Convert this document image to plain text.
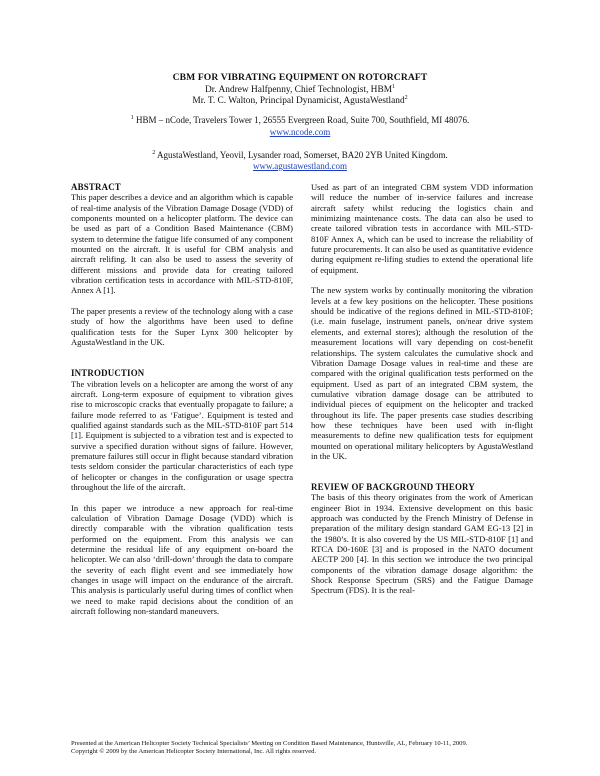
CBM FOR VIBRATING EQUIPMENT ON ROTORCRAFT
Dr. Andrew Halfpenny, Chief Technologist, HBM$^1$
Mr. T. C. Walton, Principal Dynamicist, AgustaWestland$^2$
$^1$ HBM – nCode, Travelers Tower 1, 26555 Evergreen Road, Suite 700, Southfield, MI 48076.
www.ncode.com
$^2$ AgustaWestland, Yeovil, Lysander road, Somerset, BA20 2YB United Kingdom.
www.agustawestland.com

ABSTRACT

This paper describes a device and an algorithm which is capable of real-time analysis of the Vibration Damage Dosage (VDD) of components mounted on a helicopter platform. The device can be used as part of a Condition Based Maintenance (CBM) system to determine the fatigue life consumed of any component mounted on the aircraft. It is useful for CBM analysis and aircraft relifing. It can also be used to assess the severity of different missions and provide data for creating tailored vibration certification tests in accordance with MIL-STD-810F, Annex A [1].

The paper presents a review of the technology along with a case study of how the algorithms have been used to define qualification tests for the Super Lynx 300 helicopter by AgustaWestland in the UK.

INTRODUCTION

The vibration levels on a helicopter are among the worst of any aircraft. Long-term exposure of equipment to vibration gives rise to microscopic cracks that eventually propagate to failure; a failure mode referred to as ‘Fatigue’. Equipment is tested and qualified against standards such as the MIL-STD-810F part 514 [1]. Equipment is subjected to a vibration test and is expected to survive a specified duration without signs of failure. However, premature failures still occur in flight because standard vibration tests seldom consider the particular characteristics of each type of helicopter or changes in the configuration or usage spectra throughout the life of the aircraft.

In this paper we introduce a new approach for real-time calculation of Vibration Damage Dosage (VDD) which is directly comparable with the vibration qualification tests performed on the equipment. From this analysis we can determine the residual life of any equipment on-board the helicopter. We can also ‘drill-down’ through the data to compare the severity of each flight event and see immediately how changes in usage will impact on the endurance of the aircraft. This analysis is particularly useful during times of conflict when we need to make rapid decisions about the condition of an aircraft following non-standard maneuvers.

Used as part of an integrated CBM system VDD information will reduce the number of in-service failures and increase aircraft safety whilst reducing the logistics chain and minimizing maintenance costs. The data can also be used to create tailored vibration tests in accordance with MIL-STD-810F Annex A, which can be used to increase the reliability of future procurements. It can also be used as quantitative evidence during equipment re-lifing studies to extend the operational life of equipment.

The new system works by continually monitoring the vibration levels at a few key positions on the helicopter. These positions should be indicative of the regions defined in MIL-STD-810F; (i.e. main fuselage, instrument panels, on/near drive system elements, and external stores); although the resolution of the measurement locations will vary depending on cost-benefit relationships. The system calculates the cumulative shock and Vibration Damage Dosage values in real-time and these are compared with the original qualification tests performed on the equipment. Used as part of an integrated CBM system, the cumulative vibration damage dosage can be attributed to individual pieces of equipment on the helicopter and tracked throughout its life. The paper presents case studies describing how these techniques have been used with in-flight measurements to define new qualification tests for equipment mounted on operational military helicopters by AgustaWestland in the UK.

REVIEW OF BACKGROUND THEORY

The basis of this theory originates from the work of American engineer Biot in 1934. Extensive development on this basic approach was conducted by the French Ministry of Defense in preparation of the military design standard GAM EG-13 [2] in the 1980’s. It is also covered by the US MIL-STD-810F [1] and RTCA D0-160E [3] and is proposed in the NATO document AECTP 200 [4]. In this section we introduce the two principal components of the vibration damage dosage algorithm: the Shock Response Spectrum (SRS) and the Fatigue Damage Spectrum (FDS). It is the real-

Presented at the American Helicopter Society Technical Specialists’ Meeting on Condition Based Maintenance, Huntsville, AL, February 10-11, 2009.
Copyright © 2009 by the American Helicopter Society International, Inc. All rights reserved.
